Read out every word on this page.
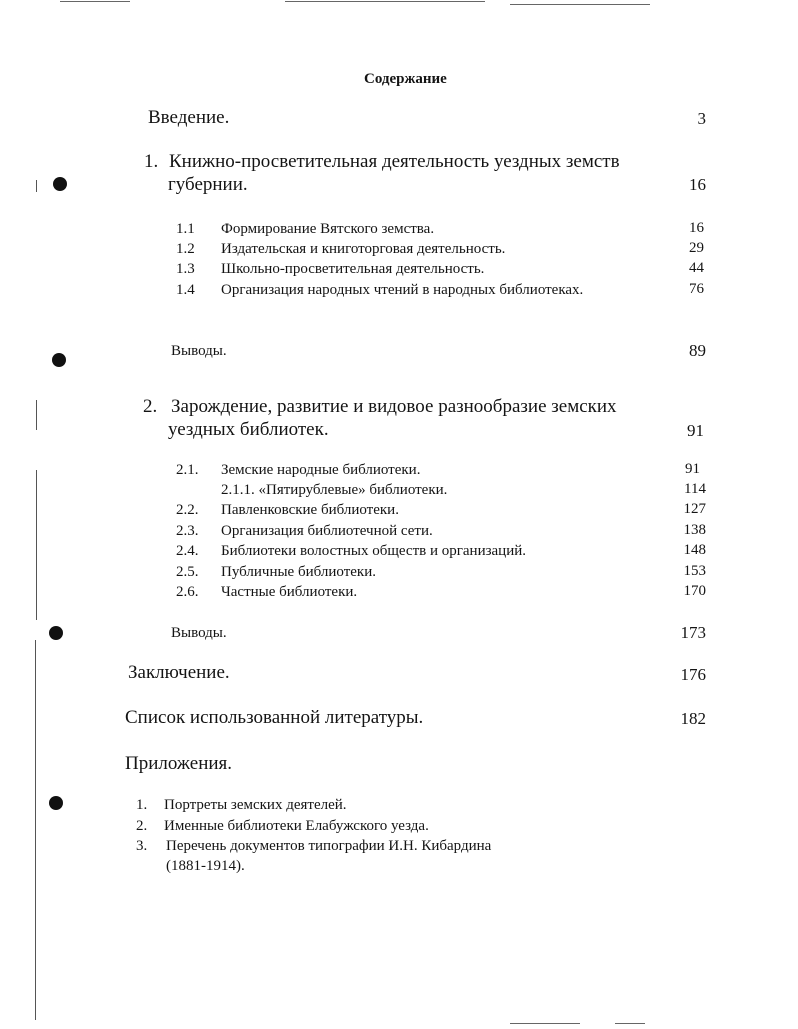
Содержание
Введение.	3
1. Книжно-просветительная деятельность уездных земств
губернии.	16
1.1 Формирование Вятского земства.	16
1.2 Издательская и книготорговая деятельность.	29
1.3 Школьно-просветительная деятельность.	44
1.4 Организация народных чтений в народных библиотеках.	76
Выводы.	89
2. Зарождение, развитие и видовое разнообразие земских
уездных библиотек.	91
2.1. Земские народные библиотеки.	91
2.1.1. «Пятирублевые» библиотеки.	114
2.2. Павленковские библиотеки.	127
2.3. Организация библиотечной сети.	138
2.4. Библиотеки волостных обществ и организаций.	148
2.5. Публичные библиотеки.	153
2.6. Частные библиотеки.	170
Выводы.	173
Заключение.	176
Список использованной литературы.	182
Приложения.
1. Портреты земских деятелей.
2. Именные библиотеки Елабужского уезда.
3. Перечень документов типографии И.Н. Кибардина
(1881-1914).
